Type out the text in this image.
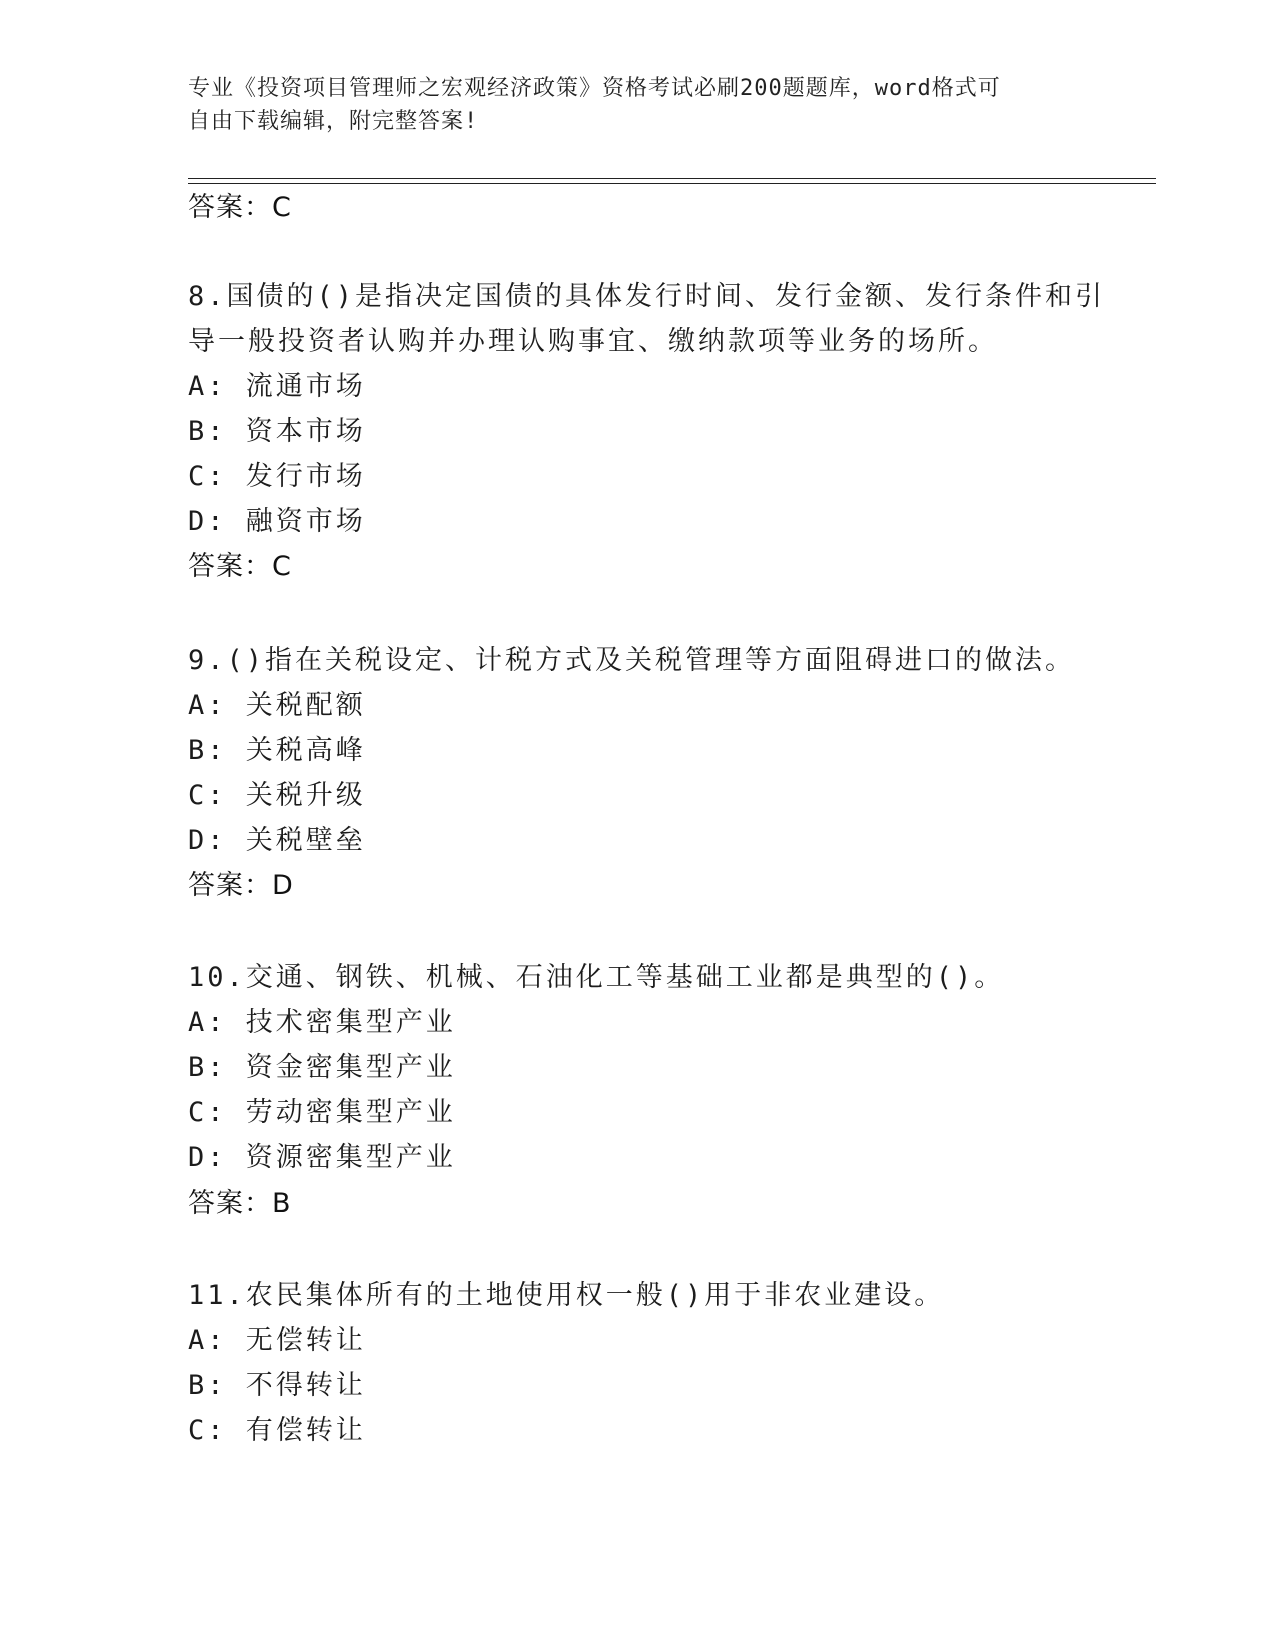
专业《投资项目管理师之宏观经济政策》资格考试必刷200题题库，word格式可
自由下载编辑，附完整答案!
答案：C
8.国债的()是指决定国债的具体发行时间、发行金额、发行条件和引
导一般投资者认购并办理认购事宜、缴纳款项等业务的场所。
A: 流通市场
B: 资本市场
C: 发行市场
D: 融资市场
答案：C
9.()指在关税设定、计税方式及关税管理等方面阻碍进口的做法。
A: 关税配额
B: 关税高峰
C: 关税升级
D: 关税壁垒
答案：D
10.交通、钢铁、机械、石油化工等基础工业都是典型的()。
A: 技术密集型产业
B: 资金密集型产业
C: 劳动密集型产业
D: 资源密集型产业
答案：B
11.农民集体所有的土地使用权一般()用于非农业建设。
A: 无偿转让
B: 不得转让
C: 有偿转让
